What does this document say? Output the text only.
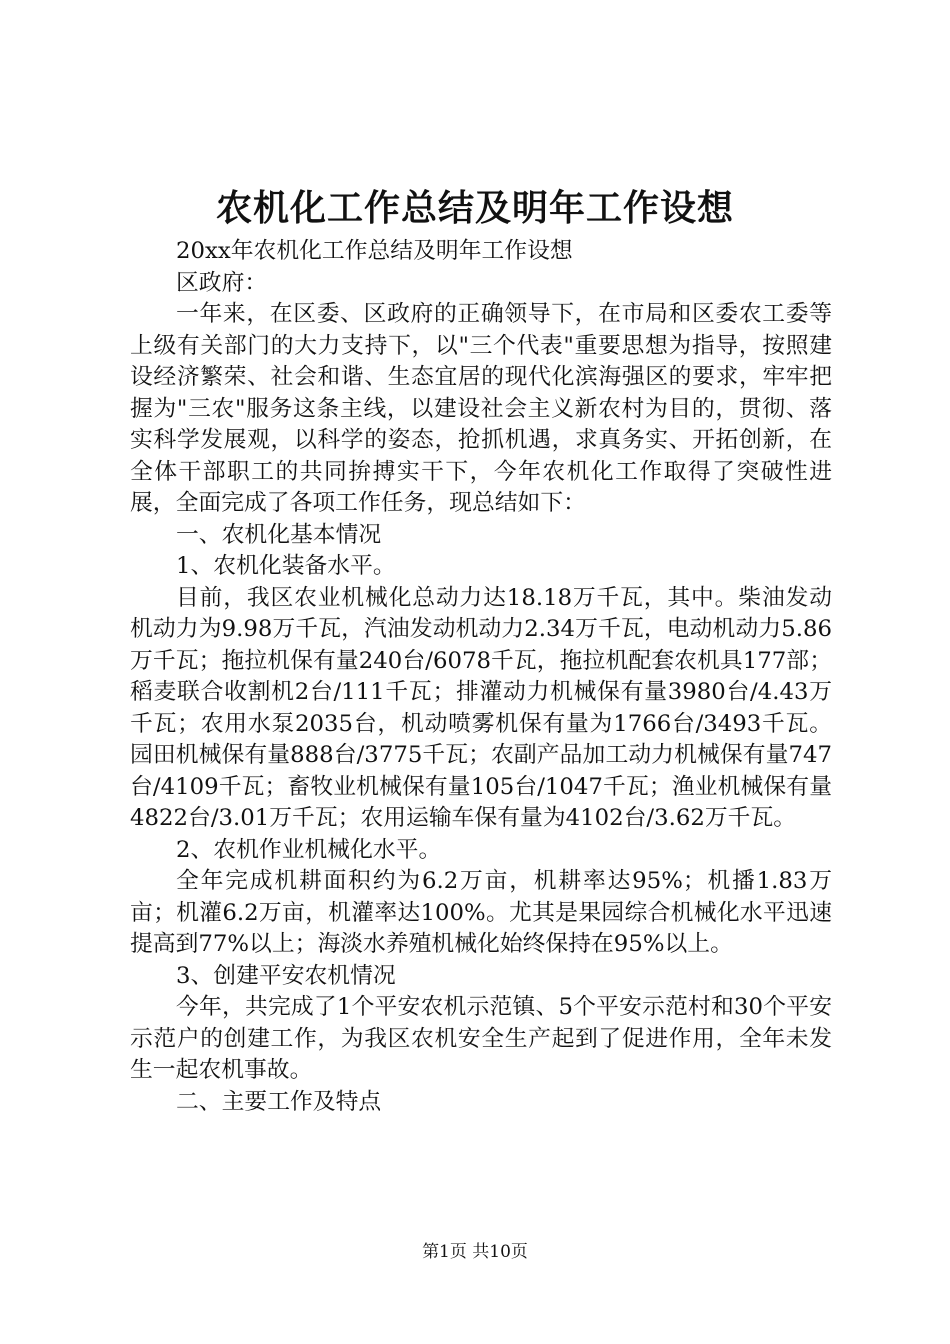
农机化工作总结及明年工作设想

20xx年农机化工作总结及明年工作设想

区政府：

一年来，在区委、区政府的正确领导下，在市局和区委农工委等上级有关部门的大力支持下，以"三个代表"重要思想为指导，按照建设经济繁荣、社会和谐、生态宜居的现代化滨海强区的要求，牢牢把握为"三农"服务这条主线，以建设社会主义新农村为目的，贯彻、落实科学发展观，以科学的姿态，抢抓机遇，求真务实、开拓创新，在全体干部职工的共同拚搏实干下，今年农机化工作取得了突破性进展，全面完成了各项工作任务，现总结如下：

一、农机化基本情况

1、农机化装备水平。

目前，我区农业机械化总动力达18.18万千瓦，其中。柴油发动机动力为9.98万千瓦，汽油发动机动力2.34万千瓦，电动机动力5.86万千瓦；拖拉机保有量240台/6078千瓦，拖拉机配套农机具177部；稻麦联合收割机2台/111千瓦；排灌动力机械保有量3980台/4.43万千瓦；农用水泵2035台，机动喷雾机保有量为1766台/3493千瓦。园田机械保有量888台/3775千瓦；农副产品加工动力机械保有量747台/4109千瓦；畜牧业机械保有量105台/1047千瓦；渔业机械保有量4822台/3.01万千瓦；农用运输车保有量为4102台/3.62万千瓦。

2、农机作业机械化水平。

全年完成机耕面积约为6.2万亩，机耕率达95%；机播1.83万亩；机灌6.2万亩，机灌率达100%。尤其是果园综合机械化水平迅速提高到77%以上；海淡水养殖机械化始终保持在95%以上。

3、创建平安农机情况

今年，共完成了1个平安农机示范镇、5个平安示范村和30个平安示范户的创建工作，为我区农机安全生产起到了促进作用，全年未发生一起农机事故。

二、主要工作及特点

第1页 共10页
